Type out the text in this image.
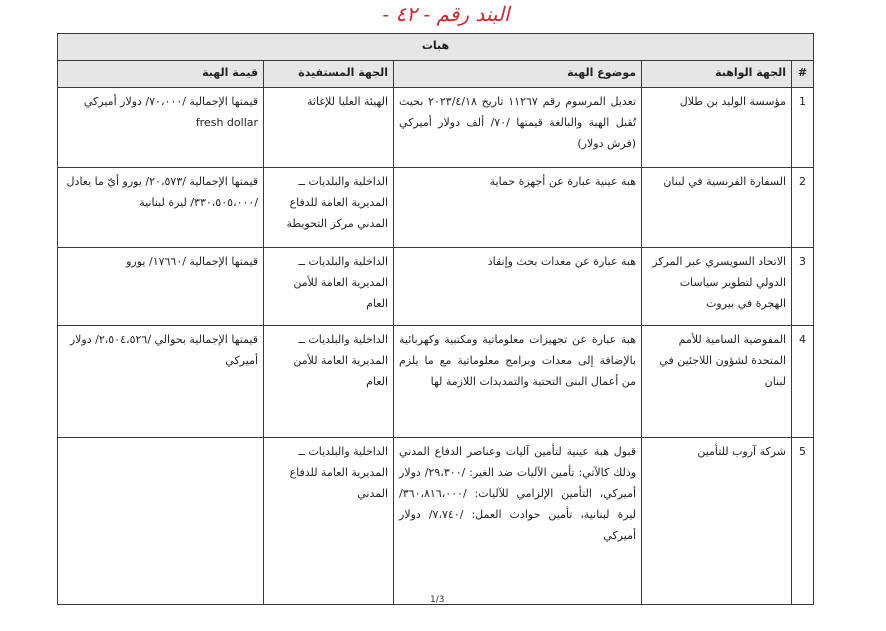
البند رقم - ٤٢ -
هبات				
#	الجهة الواهبة	موضوع الهبة	الجهة المستفيدة	قيمة الهبة
1	مؤسسة الوليد بن طلال	تعديل المرسوم رقم ١١٢٦٧ تاريخ ٢٠٢٣/٤/١٨ بحيث تُقبل الهبة والبالغة قيمتها /٧٠/ ألف دولار أميركي (فرش دولار)	الهيئة العليا للإغاثة	قيمتها الإجمالية /٧٠،٠٠٠/ دولار أميركي fresh dollar
2	السفارة الفرنسية في لبنان	هبة عينية عبارة عن أجهزة حماية	الداخلية والبلديات ــ المديرية العامة للدفاع المدني مركز التحويطة	قيمتها الإجمالية /٢٠،٥٧٣/ يورو أيّ ما يعادل /٣٣٠،٥٠٥،٠٠٠/ ليرة لبنانية
3	الاتحاد السويسري عبر المركز الدولي لتطوير سياسات الهجرة في بيروت	هبة عبارة عن معدات بحث وإنقاذ	الداخلية والبلديات ــ المديرية العامة للأمن العام	قيمتها الإجمالية /١٧٦٦٠/ يورو
4	المفوضية السامية للأمم المتحدة لشؤون اللاجئين في لبنان	هبة عبارة عن تجهيزات معلوماتية ومكتبية وكهربائية بالإضافة إلى معدات وبرامج معلوماتية مع ما يلزم من أعمال البنى التحتية والتمديدات اللازمة لها	الداخلية والبلديات ــ المديرية العامة للأمن العام	قيمتها الإجمالية بحوالي /٢،٥٠٤،٥٢٦/ دولار أميركي
5	شركة آروب للتأمين	قبول هبة عينية لتأمين آليات وعناصر الدفاع المدني وذلك كالآتي: تأمين الآليات ضد الغير: /٢٩،٣٠٠/ دولار أميركي، التأمين الإلزامي للآليات: /٣٦٠،٨١٦،٠٠٠/ ليرة لبنانية، تأمين حوادث العمل: /٧،٧٤٠/ دولار أميركي	الداخلية والبلديات ــ المديرية العامة للدفاع المدني	
1/3
